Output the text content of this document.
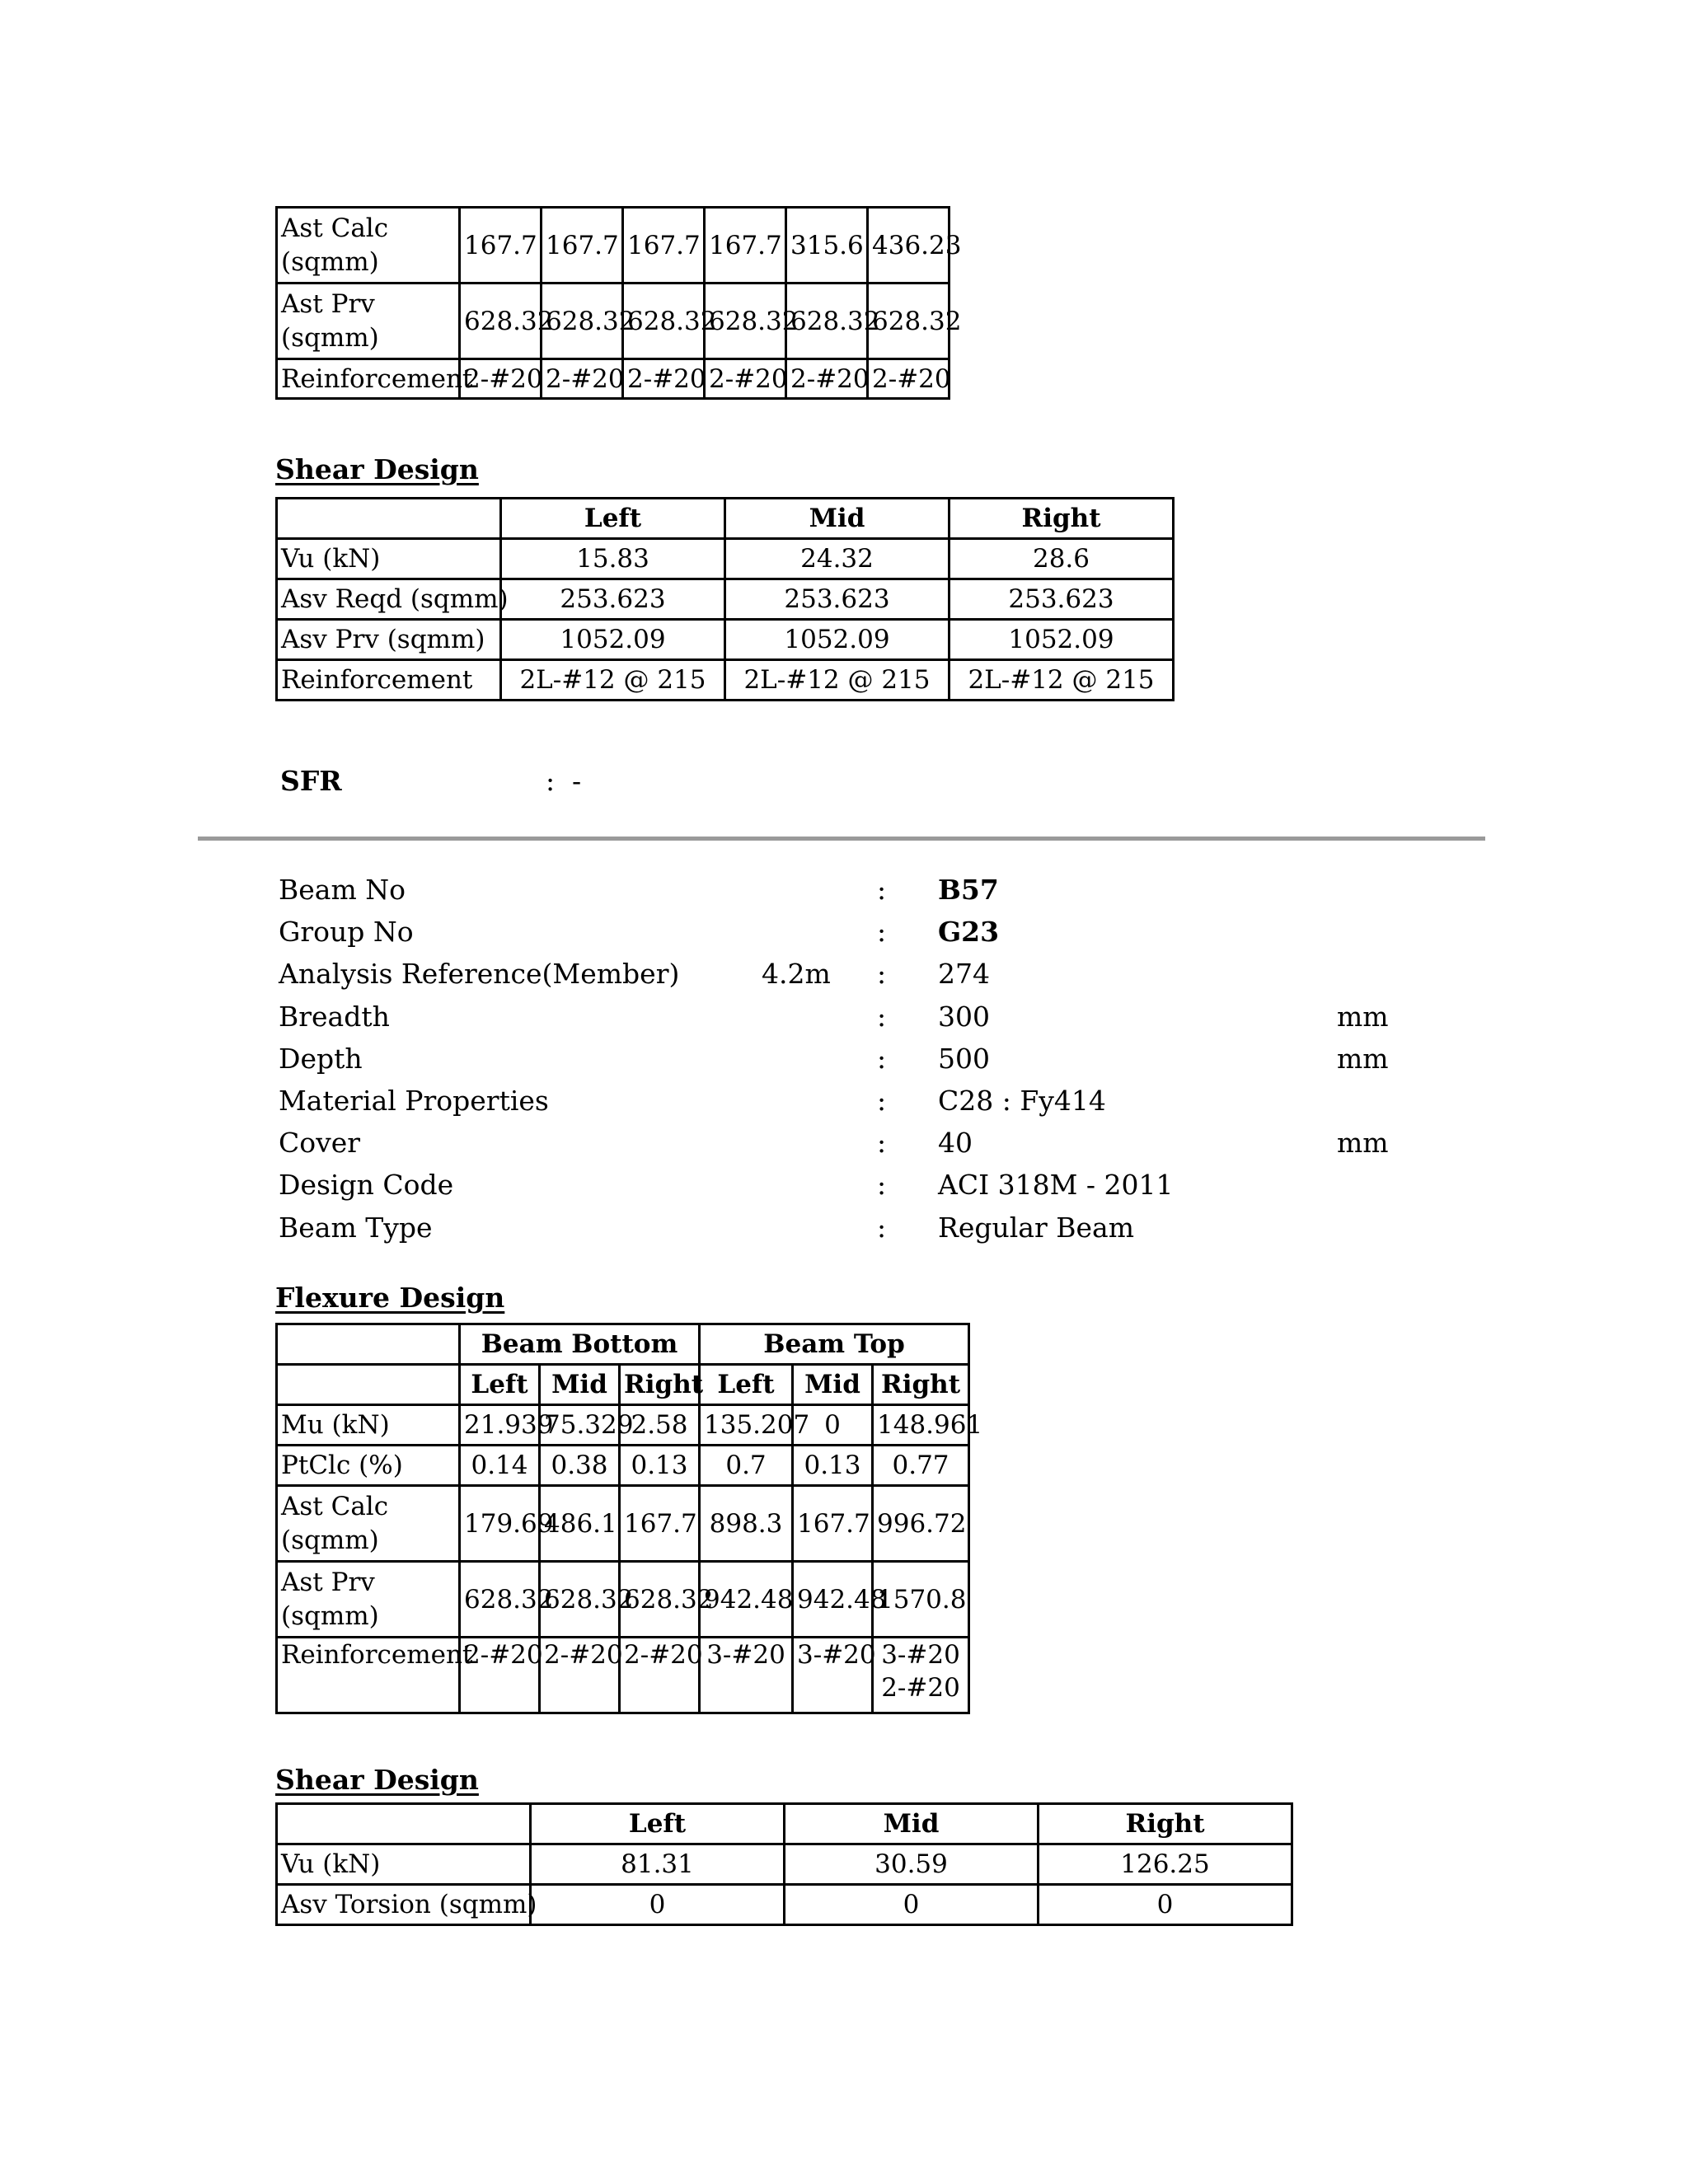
Ast Calc (sqmm)	167.7	167.7	167.7	167.7	315.6	436.23
Ast Prv (sqmm)	628.32	628.32	628.32	628.32	628.32	628.32
Reinforcement	2-#20	2-#20	2-#20	2-#20	2-#20	2-#20
Shear Design
	Left	Mid	Right
Vu (kN)	15.83	24.32	28.6
Asv Reqd (sqmm)	253.623	253.623	253.623
Asv Prv (sqmm)	1052.09	1052.09	1052.09
Reinforcement	2L-#12 @ 215	2L-#12 @ 215	2L-#12 @ 215
SFR	: -
Beam No	: B57
Group No	: G23
Analysis Reference(Member)	4.2m : 274
Breadth	: 300	mm
Depth	: 500	mm
Material Properties	: C28 : Fy414
Cover	: 40	mm
Design Code	: ACI 318M - 2011
Beam Type	: Regular Beam
Flexure Design
	Beam Bottom			Beam Top		
	Left	Mid	Right	Left	Mid	Right
Mu (kN)	21.939	75.329	2.58	135.207	0	148.961
PtClc (%)	0.14	0.38	0.13	0.7	0.13	0.77
Ast Calc (sqmm)	179.69	486.1	167.7	898.3	167.7	996.72
Ast Prv (sqmm)	628.32	628.32	628.32	942.48	942.48	1570.8
Reinforcement	2-#20	2-#20	2-#20	3-#20	3-#20	3-#20
2-#20
Shear Design
	Left	Mid	Right
Vu (kN)	81.31	30.59	126.25
Asv Torsion (sqmm)	0	0	0
